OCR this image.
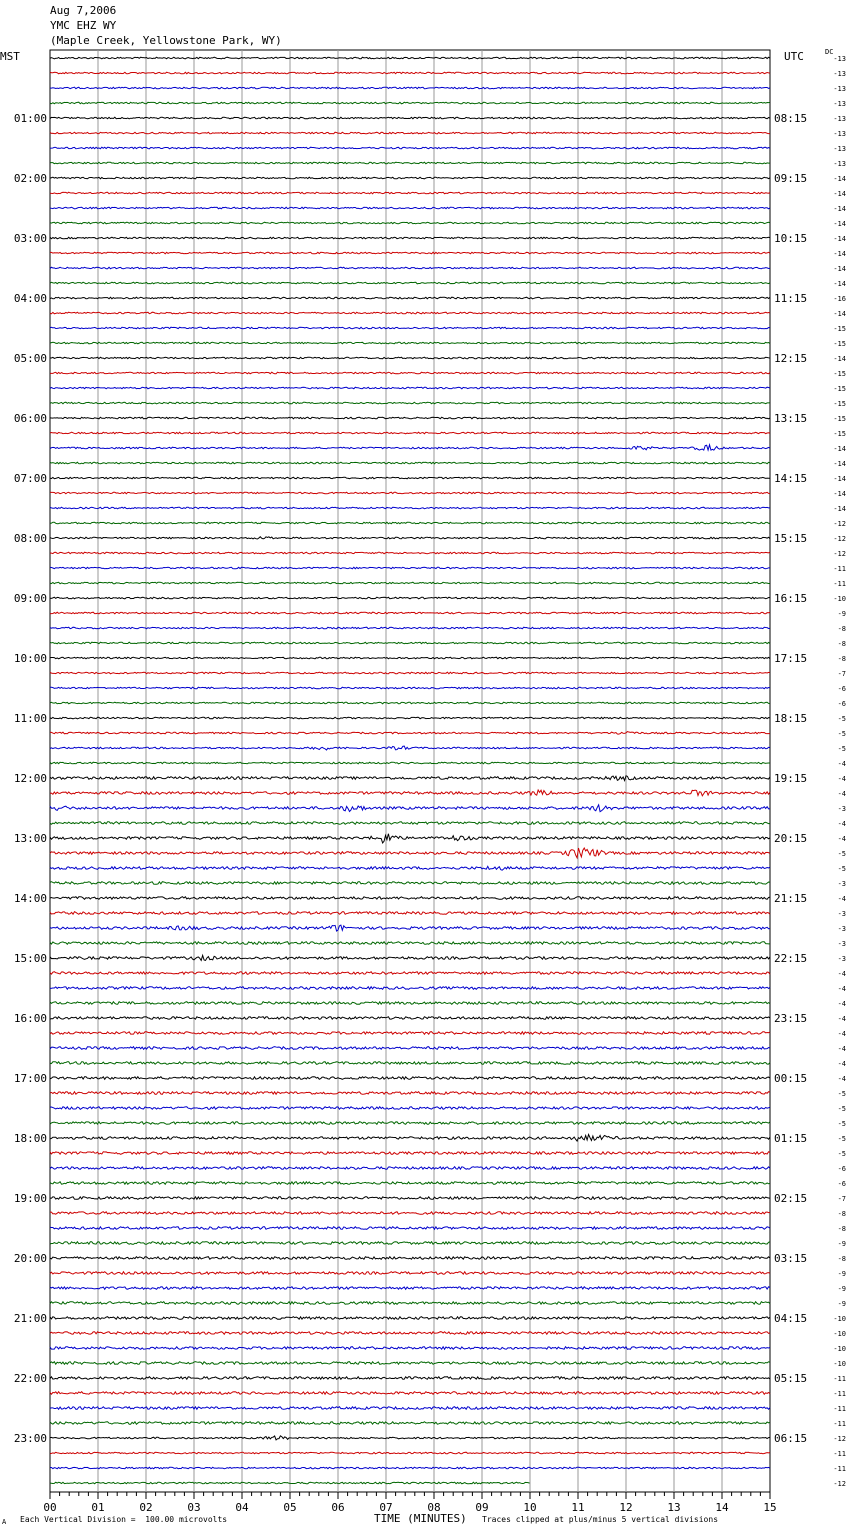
Aug 7,2006
YMC EHZ WY
(Maple Creek, Yellowstone Park, WY)
MST	UTC	DC
01:00
02:00
03:00
04:00
05:00
06:00
07:00
08:00
09:00
10:00
11:00
12:00
13:00
14:00
15:00
16:00
17:00
18:00
19:00
20:00
21:00
22:00
23:00
08:15
09:15
10:15
11:15
12:15
13:15
14:15
15:15
16:15
17:15
18:15
19:15
20:15
21:15
22:15
23:15
00:15
01:15
02:15
03:15
04:15
05:15
06:15
-13
-13
-13
-13
-13
-13
-13
-13
-14
-14
-14
-14
-14
-14
-14
-14
-16
-14
-15
-15
-14
-15
-15
-15
-15
-15
-14
-14
-14
-14
-14
-12
-12
-12
-11
-11
-10
-9
-8
-8
-8
-7
-6
-6
-5
-5
-5
-4
-4
-4
-3
-4
-4
-5
-5
-3
-4
-3
-3
-3
-3
-4
-4
-4
-4
-4
-4
-4
-4
-5
-5
-5
-5
-5
-6
-6
-7
-8
-8
-9
-8
-9
-9
-9
-10
-10
-10
-10
-11
-11
-11
-11
-12
-11
-11
-12
00	01	02	03	04	05	06	07	08	09	10	11	12	13	14	15
A Each Vertical Division =  100.00 microvolts	TIME (MINUTES) Traces clipped at plus/minus 5 vertical divisions
